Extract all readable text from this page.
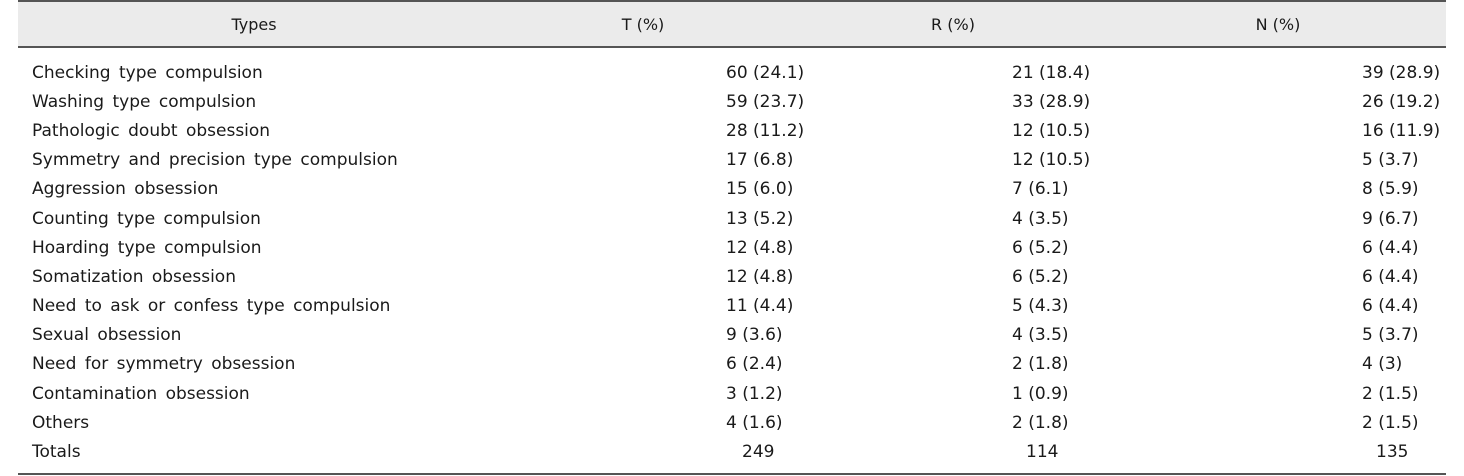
Types	T (%)	R (%)	N (%)
Checking type compulsion	60 (24.1)	21 (18.4)	39 (28.9)
Washing type compulsion	59 (23.7)	33 (28.9)	26 (19.2)
Pathologic doubt obsession	28 (11.2)	12 (10.5)	16 (11.9)
Symmetry and precision type compulsion	17 (6.8)	12 (10.5)	5 (3.7)
Aggression obsession	15 (6.0)	7 (6.1)	8 (5.9)
Counting type compulsion	13 (5.2)	4 (3.5)	9 (6.7)
Hoarding type compulsion	12 (4.8)	6 (5.2)	6 (4.4)
Somatization obsession	12 (4.8)	6 (5.2)	6 (4.4)
Need to ask or confess type compulsion	11 (4.4)	5 (4.3)	6 (4.4)
Sexual obsession	9 (3.6)	4 (3.5)	5 (3.7)
Need for symmetry obsession	6 (2.4)	2 (1.8)	4 (3)
Contamination obsession	3 (1.2)	1 (0.9)	2 (1.5)
Others	4 (1.6)	2 (1.8)	2 (1.5)
Totals	249	114	135
